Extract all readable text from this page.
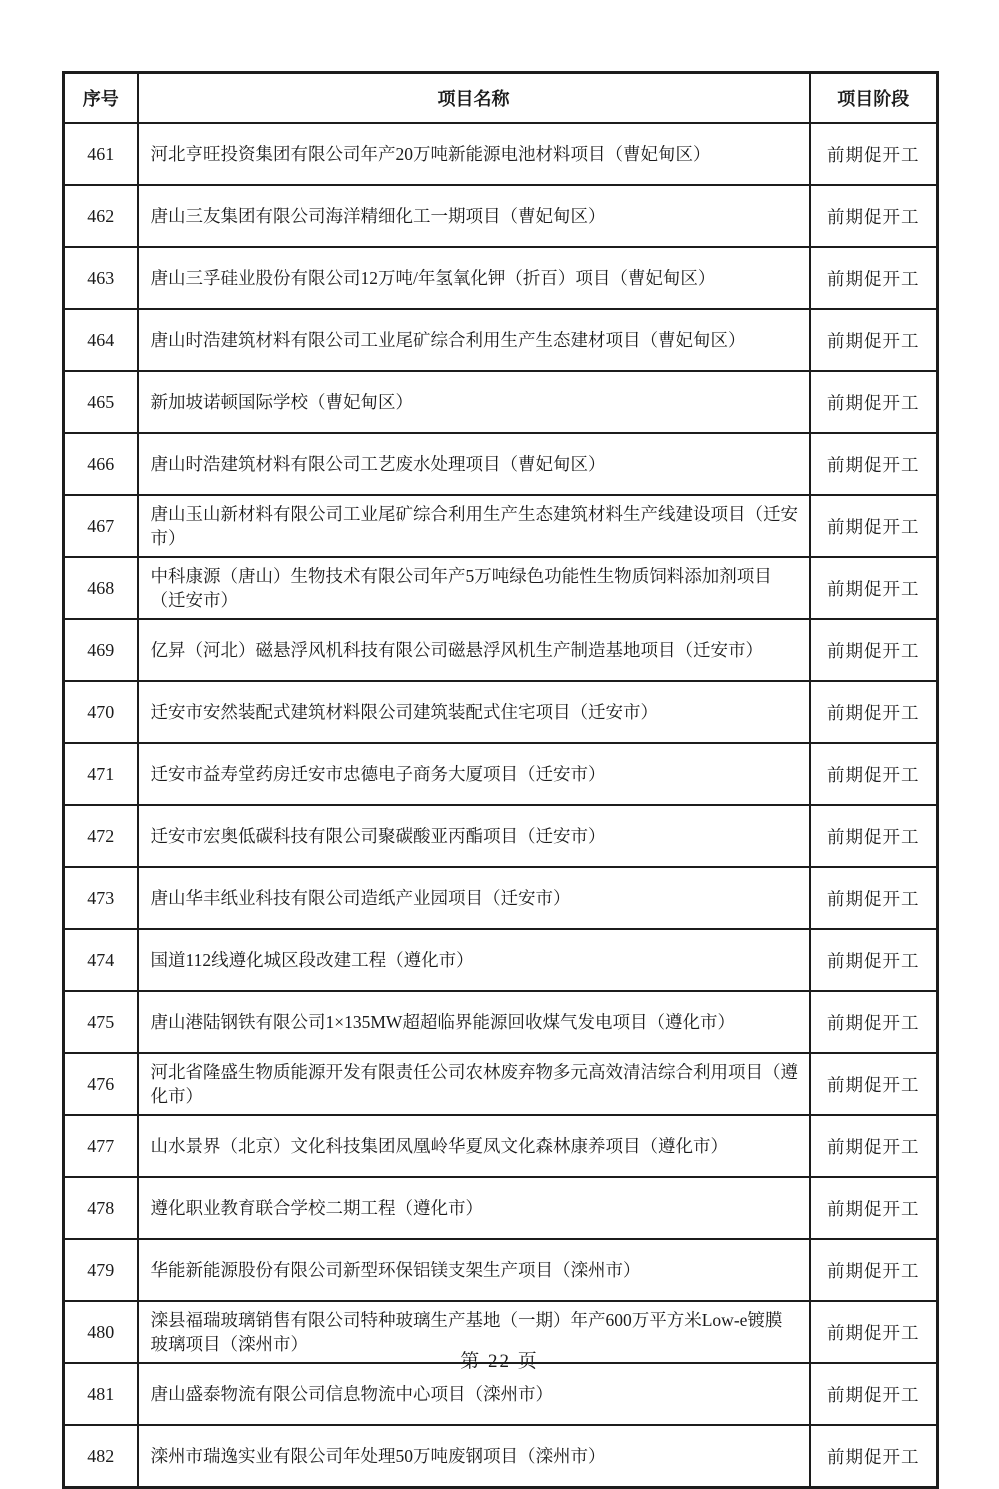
序号	项目名称	项目阶段
461	河北亨旺投资集团有限公司年产20万吨新能源电池材料项目（曹妃甸区）	前期促开工
462	唐山三友集团有限公司海洋精细化工一期项目（曹妃甸区）	前期促开工
463	唐山三孚硅业股份有限公司12万吨/年氢氧化钾（折百）项目（曹妃甸区）	前期促开工
464	唐山时浩建筑材料有限公司工业尾矿综合利用生产生态建材项目（曹妃甸区）	前期促开工
465	新加坡诺顿国际学校（曹妃甸区）	前期促开工
466	唐山时浩建筑材料有限公司工艺废水处理项目（曹妃甸区）	前期促开工
467	唐山玉山新材料有限公司工业尾矿综合利用生产生态建筑材料生产线建设项目（迁安市）	前期促开工
468	中科康源（唐山）生物技术有限公司年产5万吨绿色功能性生物质饲料添加剂项目（迁安市）	前期促开工
469	亿昇（河北）磁悬浮风机科技有限公司磁悬浮风机生产制造基地项目（迁安市）	前期促开工
470	迁安市安然装配式建筑材料限公司建筑装配式住宅项目（迁安市）	前期促开工
471	迁安市益寿堂药房迁安市忠德电子商务大厦项目（迁安市）	前期促开工
472	迁安市宏奥低碳科技有限公司聚碳酸亚丙酯项目（迁安市）	前期促开工
473	唐山华丰纸业科技有限公司造纸产业园项目（迁安市）	前期促开工
474	国道112线遵化城区段改建工程（遵化市）	前期促开工
475	唐山港陆钢铁有限公司1×135MW超超临界能源回收煤气发电项目（遵化市）	前期促开工
476	河北省隆盛生物质能源开发有限责任公司农林废弃物多元高效清洁综合利用项目（遵化市）	前期促开工
477	山水景界（北京）文化科技集团凤凰岭华夏凤文化森林康养项目（遵化市）	前期促开工
478	遵化职业教育联合学校二期工程（遵化市）	前期促开工
479	华能新能源股份有限公司新型环保铝镁支架生产项目（滦州市）	前期促开工
480	滦县福瑞玻璃销售有限公司特种玻璃生产基地（一期）年产600万平方米Low-e镀膜玻璃项目（滦州市）	前期促开工
481	唐山盛泰物流有限公司信息物流中心项目（滦州市）	前期促开工
482	滦州市瑞逸实业有限公司年处理50万吨废钢项目（滦州市）	前期促开工
第 22 页
